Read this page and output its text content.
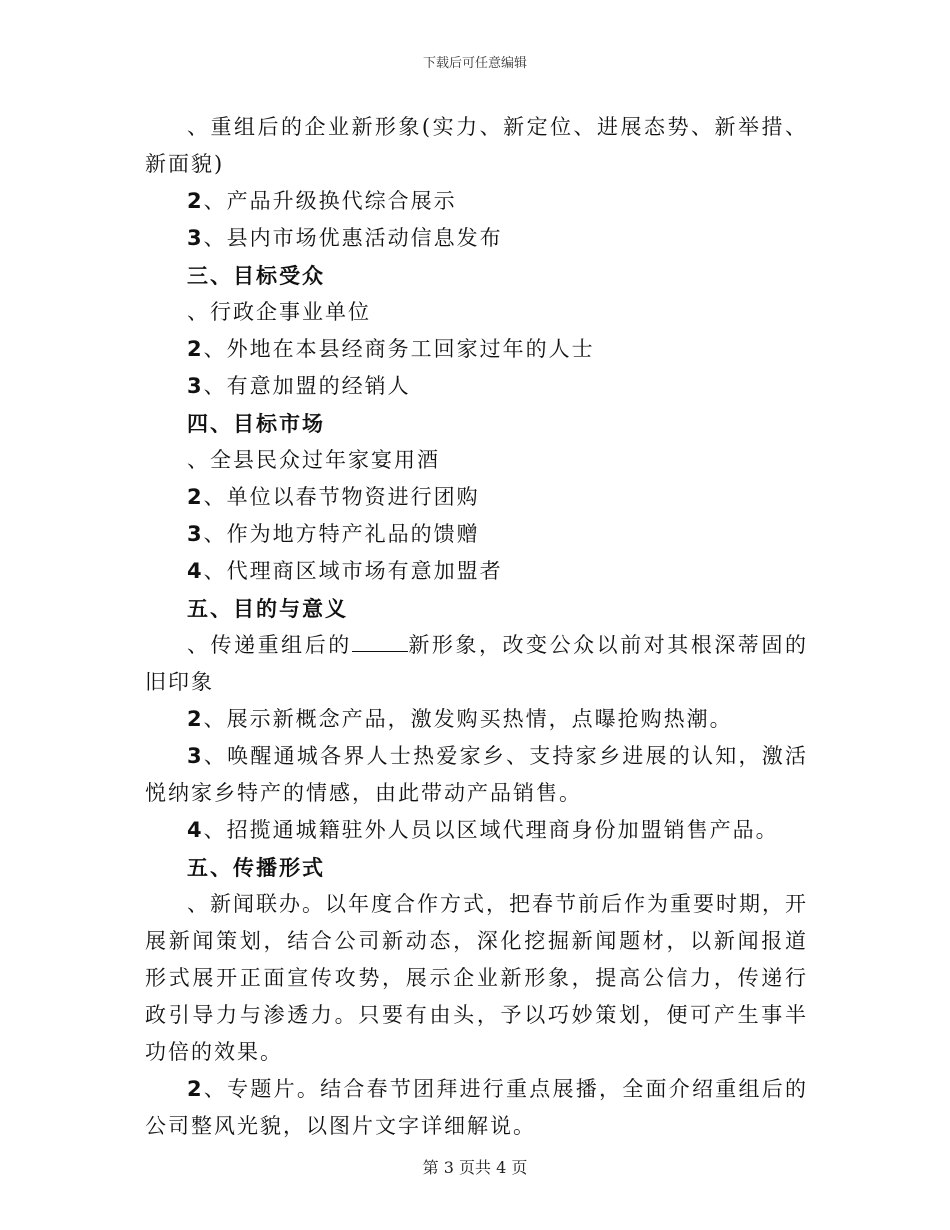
下载后可任意编辑

、重组后的企业新形象(实力、新定位、进展态势、新举措、新面貌)

2、产品升级换代综合展示

3、县内市场优惠活动信息发布

三、目标受众

、行政企事业单位

2、外地在本县经商务工回家过年的人士

3、有意加盟的经销人

四、目标市场

、全县民众过年家宴用酒

2、单位以春节物资进行团购

3、作为地方特产礼品的馈赠

4、代理商区域市场有意加盟者

五、目的与意义

、传递重组后的	新形象，改变公众以前对其根深蒂固的旧印象

2、展示新概念产品，激发购买热情，点曝抢购热潮。

3、唤醒通城各界人士热爱家乡、支持家乡进展的认知，激活悦纳家乡特产的情感，由此带动产品销售。

4、招揽通城籍驻外人员以区域代理商身份加盟销售产品。

五、传播形式

、新闻联办。以年度合作方式，把春节前后作为重要时期，开展新闻策划，结合公司新动态，深化挖掘新闻题材，以新闻报道形式展开正面宣传攻势，展示企业新形象，提高公信力，传递行政引导力与渗透力。只要有由头，予以巧妙策划，便可产生事半功倍的效果。

2、专题片。结合春节团拜进行重点展播，全面介绍重组后的公司整风光貌，以图片文字详细解说。

第 3 页共 4 页
